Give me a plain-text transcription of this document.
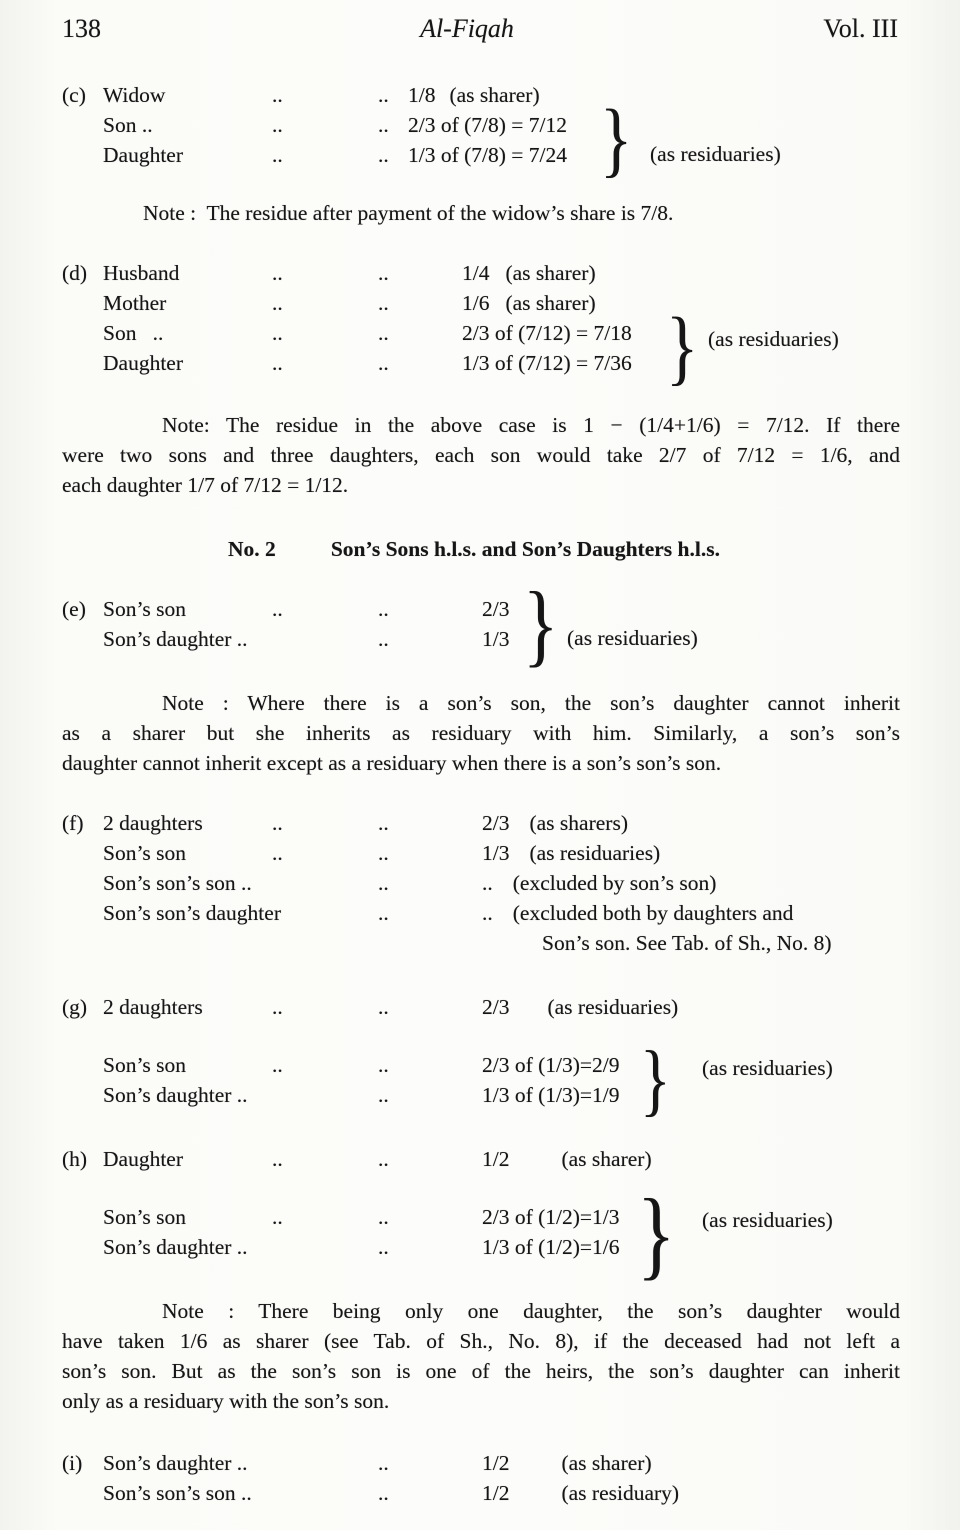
138	Al-Fiqah	Vol. III
(c) Widow	..	.. 1/8 (as sharer)
Son ..	..	.. 2/3 of (7/8) = 7/12
Daughter	..	.. 1/3 of (7/8) = 7/24 } (as residuaries)
Note :  The residue after payment of the widow’s share is 7/8.
(d) Husband	..	..	1/4 (as sharer)
Mother	..	..	1/6 (as sharer)
Son   ..	..	..	2/3 of (7/12) = 7/18
Daughter	..	..	1/3 of (7/12) = 7/36 } (as residuaries)
Note: The residue in the above case is 1 − (1/4+1/6) = 7/12. If there
were two sons and three daughters, each son would take 2/7 of 7/12 = 1/6, and
each daughter 1/7 of 7/12 = 1/12.
No. 2	Son’s Sons h.l.s. and Son’s Daughters h.l.s.
(e) Son’s son	..	..	2/3
Son’s daughter ..	..	1/3 } (as residuaries)
Note : Where there is a son’s son, the son’s daughter cannot inherit
as a sharer but she inherits as residuary with him. Similarly, a son’s son’s
daughter cannot inherit except as a residuary when there is a son’s son’s son.
(f) 2 daughters	..	..	2/3 (as sharers)
Son’s son	..	..	1/3 (as residuaries)
Son’s son’s son ..	..	.. (excluded by son’s son)
Son’s son’s daughter	..	.. (excluded both by daughters and
Son’s son. See Tab. of Sh., No. 8)
(g) 2 daughters	..	..	2/3 (as residuaries)
Son’s son	..	..	2/3 of (1/3)=2/9
Son’s daughter ..	..	1/3 of (1/3)=1/9 } (as residuaries)
(h) Daughter	..	..	1/2 (as sharer)
Son’s son	..	..	2/3 of (1/2)=1/3
Son’s daughter ..	..	1/3 of (1/2)=1/6 } (as residuaries)
Note : There being only one daughter, the son’s daughter would
have taken 1/6 as sharer (see Tab. of Sh., No. 8), if the deceased had not left a
son’s son. But as the son’s son is one of the heirs, the son’s daughter can inherit
only as a residuary with the son’s son.
(i) Son’s daughter ..	..	1/2 (as sharer)
Son’s son’s son ..	..	1/2 (as residuary)
